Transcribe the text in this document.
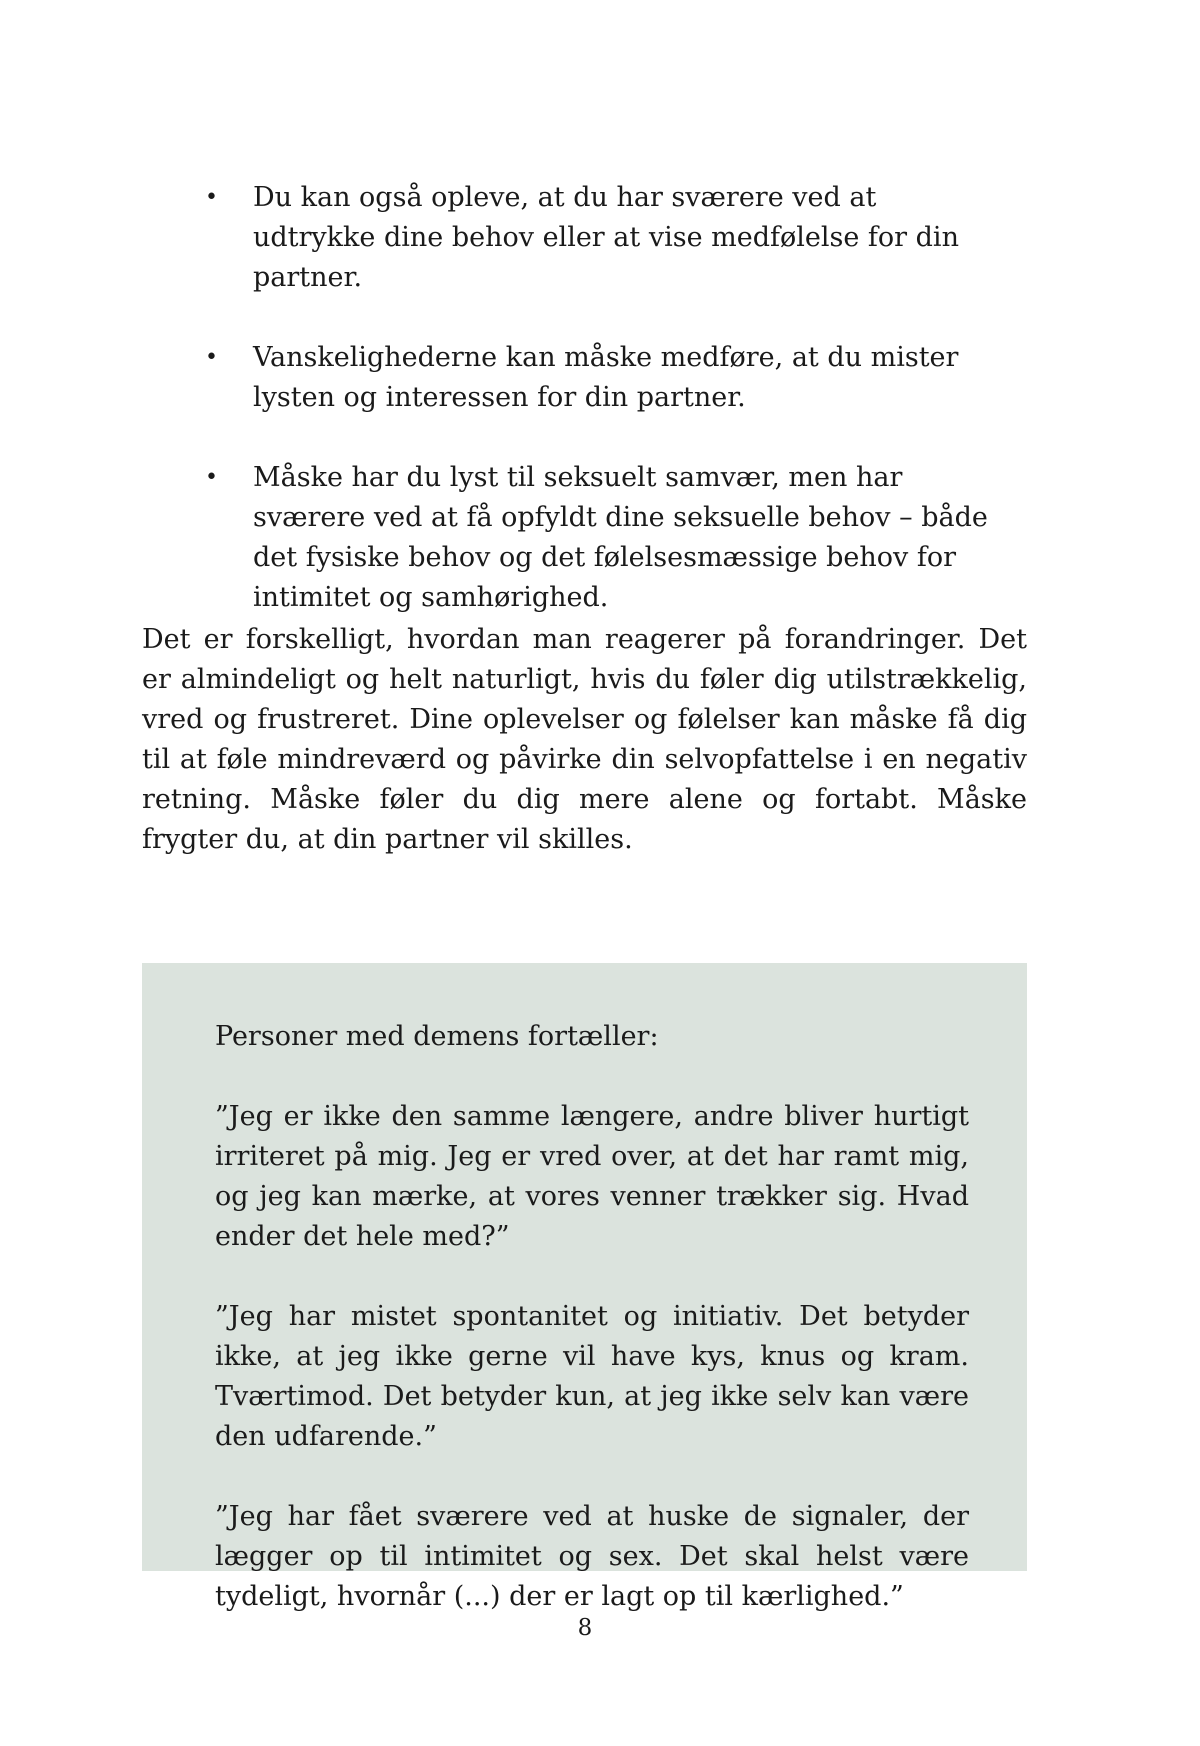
• Du kan også opleve, at du har sværere ved at udtrykke dine behov eller at vise medfølelse for din partner.
• Vanskelighederne kan måske medføre, at du mister lysten og interessen for din partner.
• Måske har du lyst til seksuelt samvær, men har sværere ved at få opfyldt dine seksuelle behov – både det fysiske behov og det følelsesmæssige behov for intimitet og samhørighed.

Det er forskelligt, hvordan man reagerer på forandringer. Det er almindeligt og helt naturligt, hvis du føler dig utilstrækkelig, vred og frustreret. Dine oplevelser og følelser kan måske få dig til at føle mindreværd og påvirke din selvopfattelse i en negativ retning. Måske føler du dig mere alene og fortabt. Måske frygter du, at din partner vil skilles.

Personer med demens fortæller:

”Jeg er ikke den samme længere, andre bliver hurtigt irriteret på mig. Jeg er vred over, at det har ramt mig, og jeg kan mærke, at vores venner trækker sig. Hvad ender det hele med?”

”Jeg har mistet spontanitet og initiativ. Det betyder ikke, at jeg ikke gerne vil have kys, knus og kram. Tværtimod. Det betyder kun, at jeg ikke selv kan være den udfarende.”

”Jeg har fået sværere ved at huske de signaler, der lægger op til intimitet og sex. Det skal helst være tydeligt, hvornår (...) der er lagt op til kærlighed.”

8
